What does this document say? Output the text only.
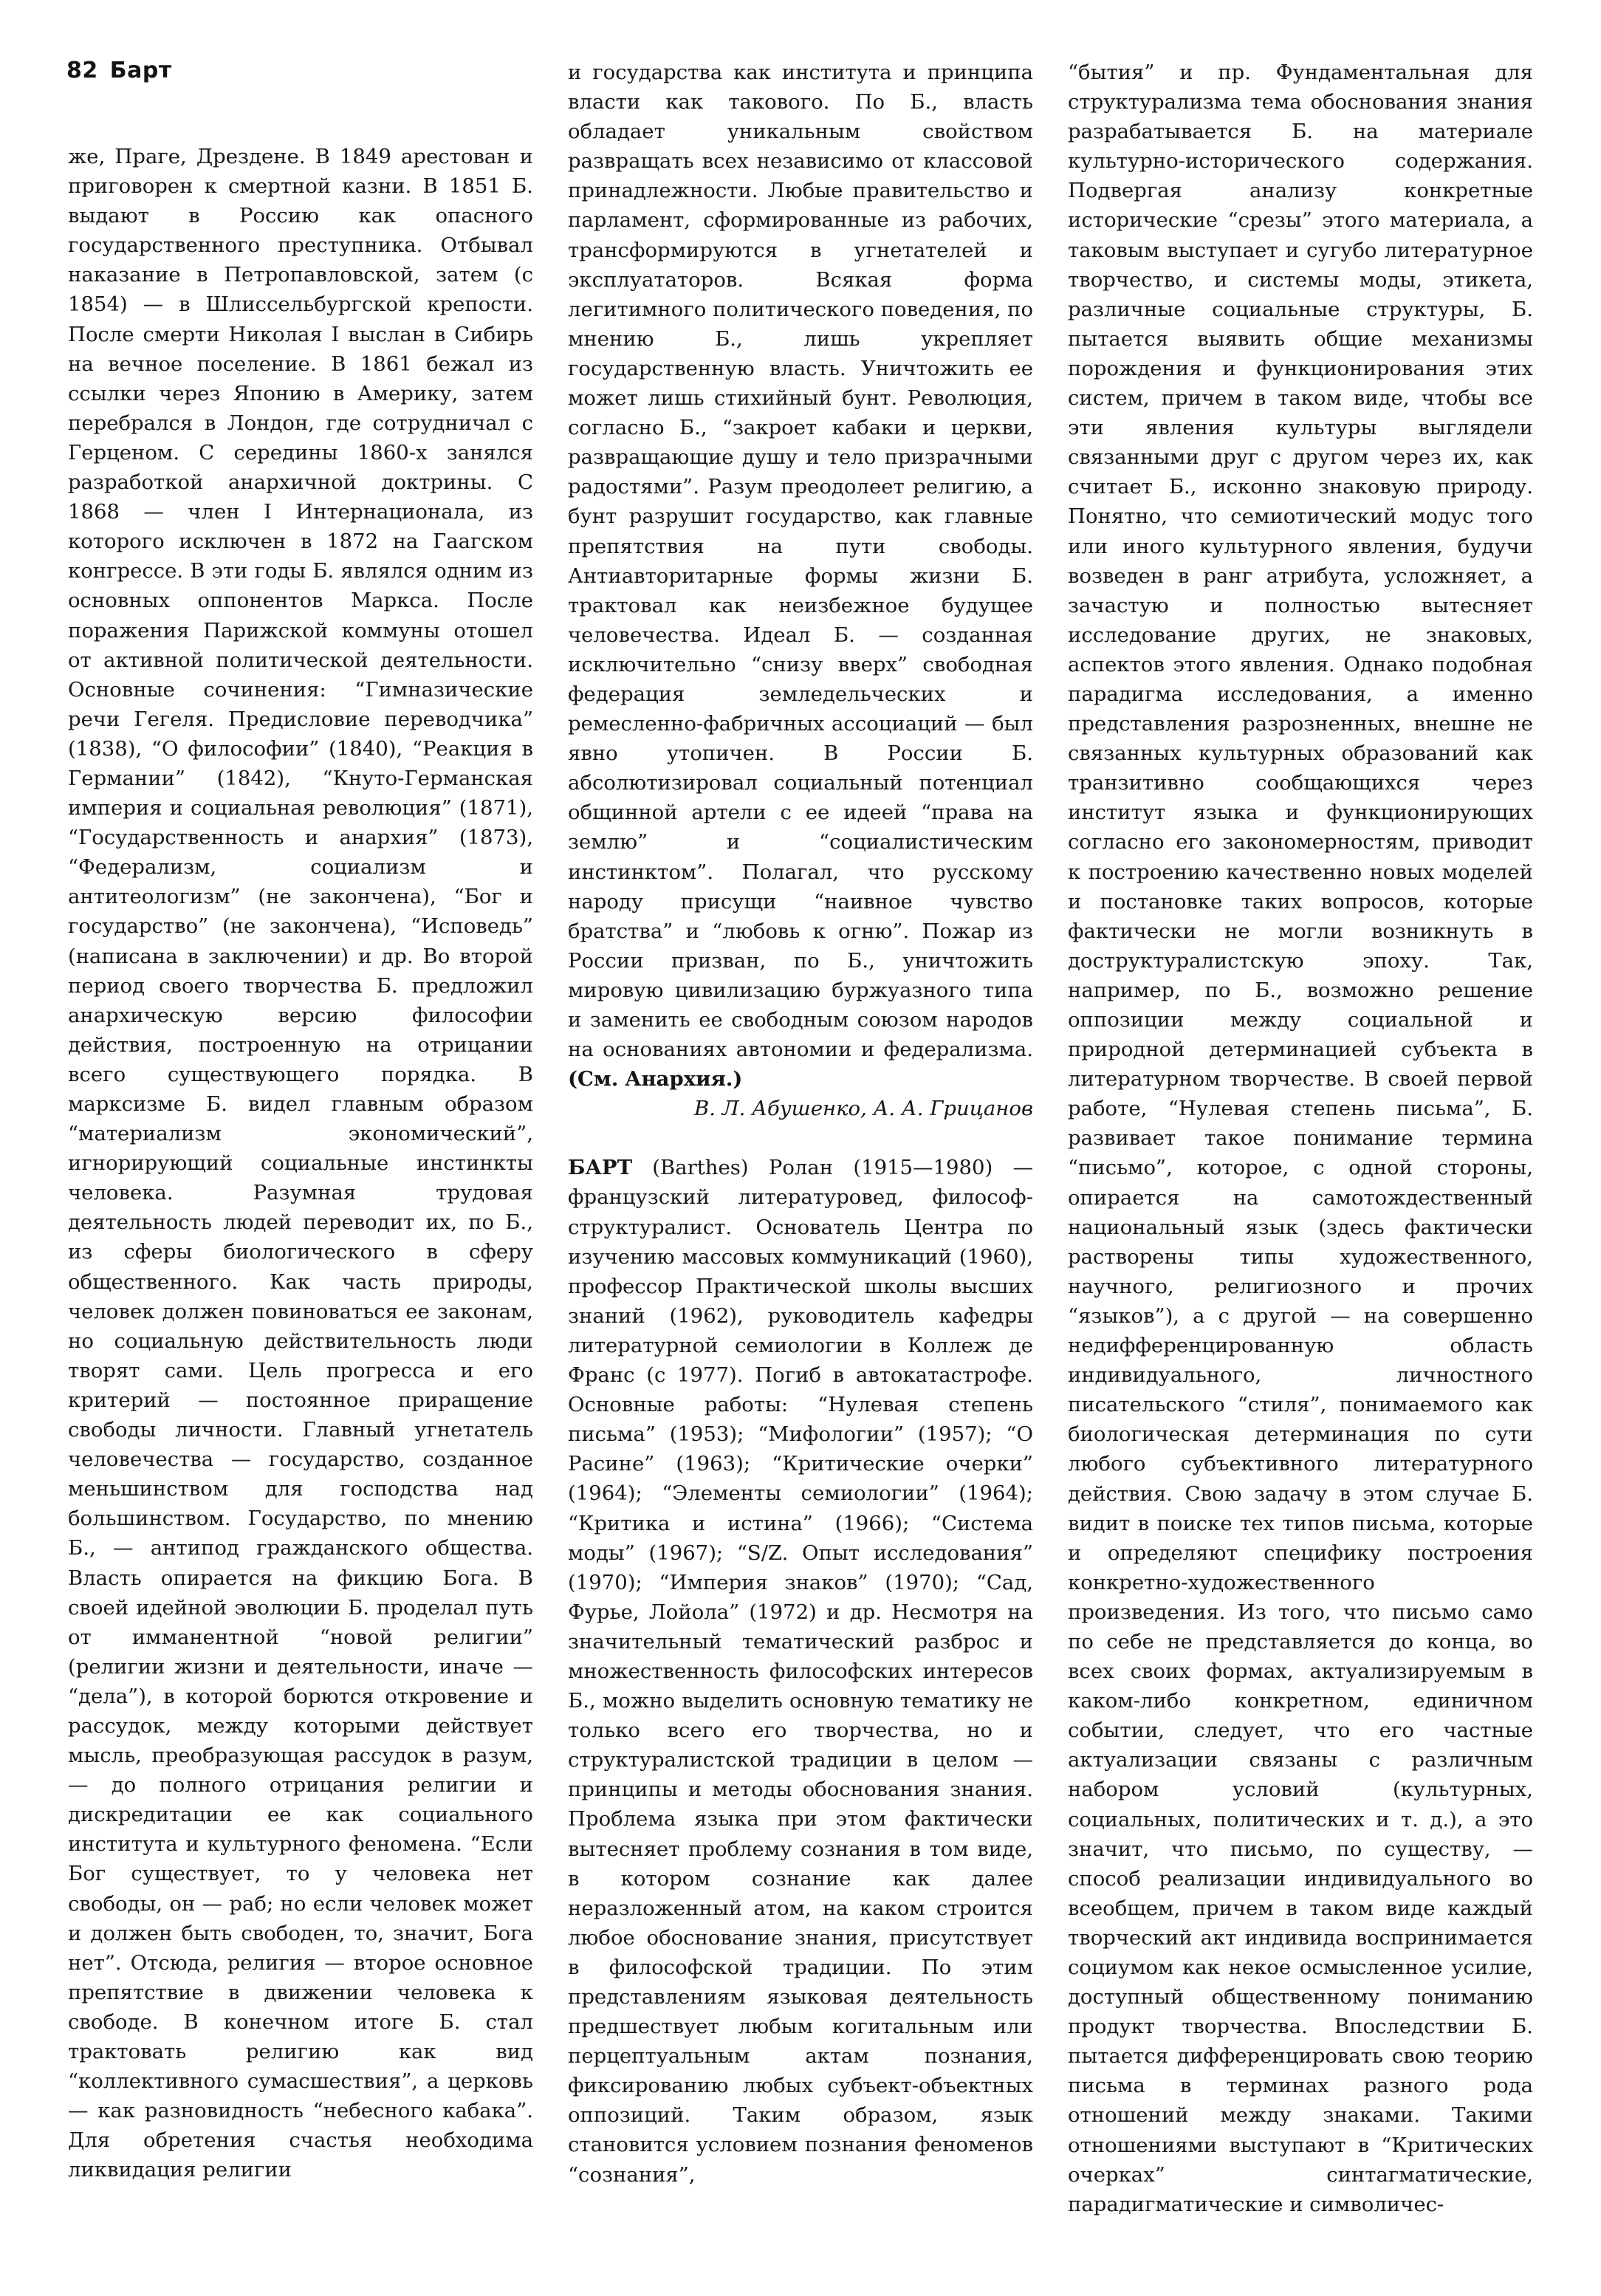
82 Барт

же, Праге, Дрездене. В 1849 арестован и приговорен к смертной казни. В 1851 Б. выдают в Россию как опасного государственного преступника. Отбывал наказание в Петропавловской, затем (с 1854) — в Шлиссельбургской крепости. После смерти Николая I выслан в Сибирь на вечное поселение. В 1861 бежал из ссылки через Японию в Америку, затем перебрался в Лондон, где сотрудничал с Герценом. С середины 1860-х занялся разработкой анархичной доктрины. С 1868 — член I Интернационала, из которого исключен в 1872 на Гаагском конгрессе. В эти годы Б. являлся одним из основных оппонентов Маркса. После поражения Парижской коммуны отошел от активной политической деятельности. Основные сочинения: “Гимназические речи Гегеля. Предисловие переводчика” (1838), “О философии” (1840), “Реакция в Германии” (1842), “Кнуто-Германская империя и социальная революция” (1871), “Государственность и анархия” (1873), “Федерализм, социализм и антитеологизм” (не закончена), “Бог и государство” (не закончена), “Исповедь” (написана в заключении) и др. Во второй период своего творчества Б. предложил анархическую версию философии действия, построенную на отрицании всего существующего порядка. В марксизме Б. видел главным образом “материализм экономический”, игнорирующий социальные инстинкты человека. Разумная трудовая деятельность людей переводит их, по Б., из сферы биологического в сферу общественного. Как часть природы, человек должен повиноваться ее законам, но социальную действительность люди творят сами. Цель прогресса и его критерий — постоянное приращение свободы личности. Главный угнетатель человечества — государство, созданное меньшинством для господства над большинством. Государство, по мнению Б., — антипод гражданского общества. Власть опирается на фикцию Бога. В своей идейной эволюции Б. проделал путь от имманентной “новой религии” (религии жизни и деятельности, иначе — “дела”), в которой борются откровение и рассудок, между которыми действует мысль, преобразующая рассудок в разум, — до полного отрицания религии и дискредитации ее как социального института и культурного феномена. “Если Бог существует, то у человека нет свободы, он — раб; но если человек может и должен быть свободен, то, значит, Бога нет”. Отсюда, религия — второе основное препятствие в движении человека к свободе. В конечном итоге Б. стал трактовать религию как вид “коллективного сумасшествия”, а церковь — как разновидность “небесного кабака”. Для обретения счастья необходима ликвидация религии

и государства как института и принципа власти как такового. По Б., власть обладает уникальным свойством развращать всех независимо от классовой принадлежности. Любые правительство и парламент, сформированные из рабочих, трансформируются в угнетателей и эксплуататоров. Всякая форма легитимного политического поведения, по мнению Б., лишь укрепляет государственную власть. Уничтожить ее может лишь стихийный бунт. Революция, согласно Б., “закроет кабаки и церкви, развращающие душу и тело призрачными радостями”. Разум преодолеет религию, а бунт разрушит государство, как главные препятствия на пути свободы. Антиавторитарные формы жизни Б. трактовал как неизбежное будущее человечества. Идеал Б. — созданная исключительно “снизу вверх” свободная федерация земледельческих и ремесленно-фабричных ассоциаций — был явно утопичен. В России Б. абсолютизировал социальный потенциал общинной артели с ее идеей “права на землю” и “социалистическим инстинктом”. Полагал, что русскому народу присущи “наивное чувство братства” и “любовь к огню”. Пожар из России призван, по Б., уничтожить мировую цивилизацию буржуазного типа и заменить ее свободным союзом народов на основаниях автономии и федерализма. (См. Анархия.)

В. Л. Абушенко, А. А. Грицанов

БАРТ (Barthes) Ролан (1915—1980) — французский литературовед, философ-структуралист. Основатель Центра по изучению массовых коммуникаций (1960), профессор Практической школы высших знаний (1962), руководитель кафедры литературной семиологии в Коллеж де Франс (с 1977). Погиб в автокатастрофе. Основные работы: “Нулевая степень письма” (1953); “Мифологии” (1957); “О Расине” (1963); “Критические очерки” (1964); “Элементы семиологии” (1964); “Критика и истина” (1966); “Система моды” (1967); “S/Z. Опыт исследования” (1970); “Империя знаков” (1970); “Сад, Фурье, Лойола” (1972) и др. Несмотря на значительный тематический разброс и множественность философских интересов Б., можно выделить основную тематику не только всего его творчества, но и структуралистской традиции в целом — принципы и методы обоснования знания. Проблема языка при этом фактически вытесняет проблему сознания в том виде, в котором сознание как далее неразложенный атом, на каком строится любое обоснование знания, присутствует в философской традиции. По этим представлениям языковая деятельность предшествует любым когитальным или перцептуальным актам познания, фиксированию любых субъект-объектных оппозиций. Таким образом, язык становится условием познания феноменов “сознания”,

“бытия” и пр. Фундаментальная для структурализма тема обоснования знания разрабатывается Б. на материале культурно-исторического содержания. Подвергая анализу конкретные исторические “срезы” этого материала, а таковым выступает и сугубо литературное творчество, и системы моды, этикета, различные социальные структуры, Б. пытается выявить общие механизмы порождения и функционирования этих систем, причем в таком виде, чтобы все эти явления культуры выглядели связанными друг с другом через их, как считает Б., исконно знаковую природу. Понятно, что семиотический модус того или иного культурного явления, будучи возведен в ранг атрибута, усложняет, а зачастую и полностью вытесняет исследование других, не знаковых, аспектов этого явления. Однако подобная парадигма исследования, а именно представления разрозненных, внешне не связанных культурных образований как транзитивно сообщающихся через институт языка и функционирующих согласно его закономерностям, приводит к построению качественно новых моделей и постановке таких вопросов, которые фактически не могли возникнуть в доструктуралистскую эпоху. Так, например, по Б., возможно решение оппозиции между социальной и природной детерминацией субъекта в литературном творчестве. В своей первой работе, “Нулевая степень письма”, Б. развивает такое понимание термина “письмо”, которое, с одной стороны, опирается на самотождественный национальный язык (здесь фактически растворены типы художественного, научного, религиозного и прочих “языков”), а с другой — на совершенно недифференцированную область индивидуального, личностного писательского “стиля”, понимаемого как биологическая детерминация по сути любого субъективного литературного действия. Свою задачу в этом случае Б. видит в поиске тех типов письма, которые и определяют специфику построения конкретно-художественного произведения. Из того, что письмо само по себе не представляется до конца, во всех своих формах, актуализируемым в каком-либо конкретном, единичном событии, следует, что его частные актуализации связаны с различным набором условий (культурных, социальных, политических и т. д.), а это значит, что письмо, по существу, — способ реализации индивидуального во всеобщем, причем в таком виде каждый творческий акт индивида воспринимается социумом как некое осмысленное усилие, доступный общественному пониманию продукт творчества. Впоследствии Б. пытается дифференцировать свою теорию письма в терминах разного рода отношений между знаками. Такими отношениями выступают в “Критических очерках” синтагматические, парадигматические и символичес-
